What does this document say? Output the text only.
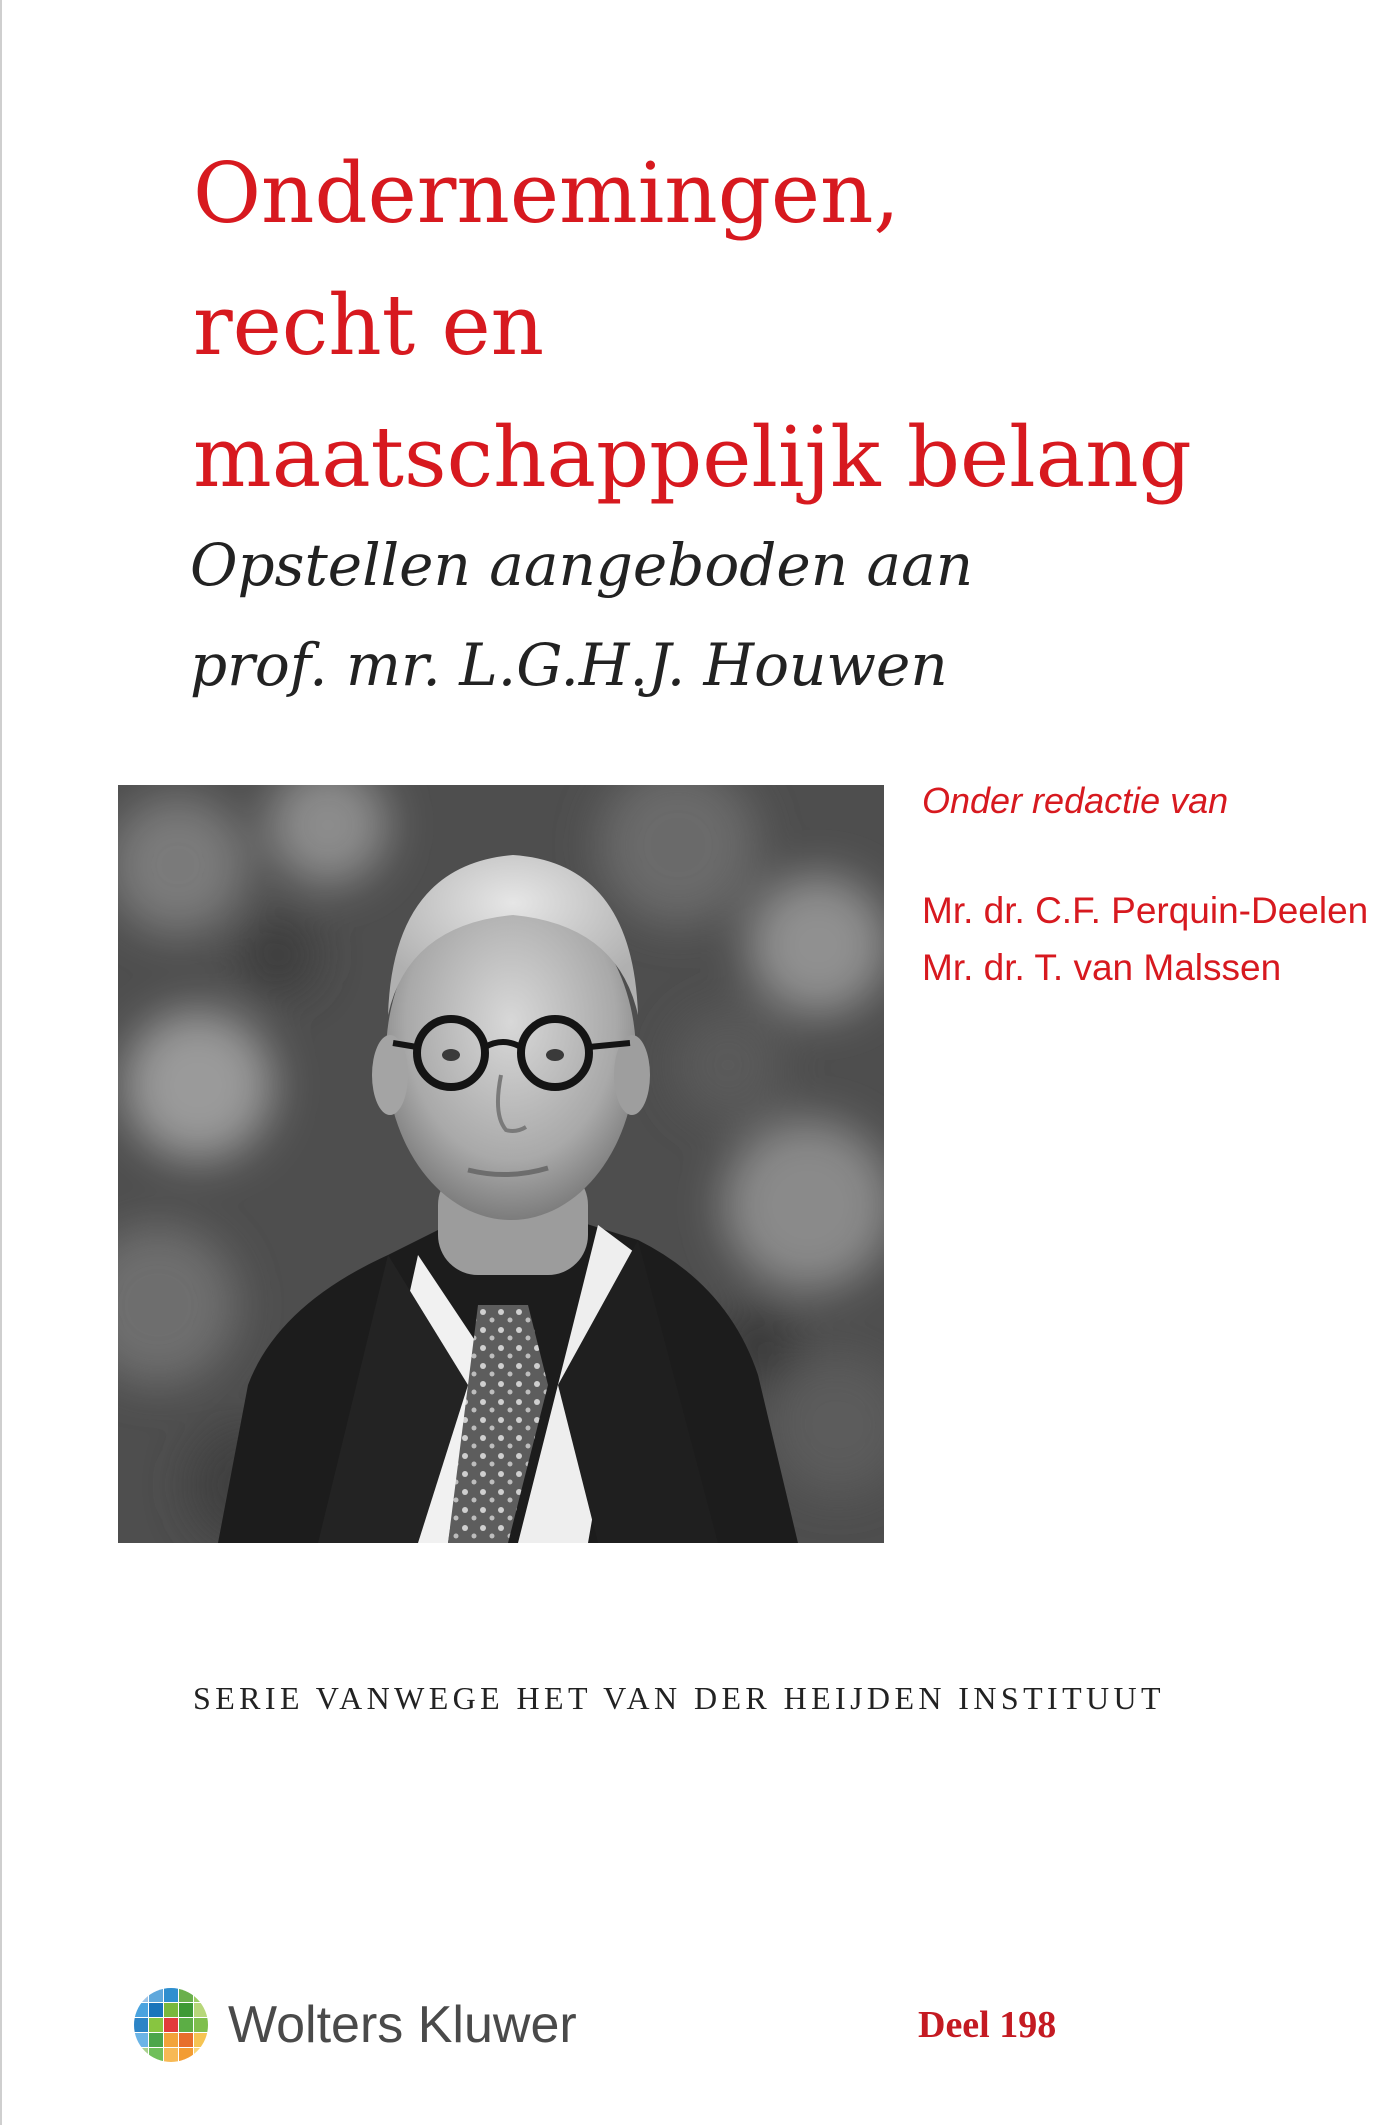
Ondernemingen,
recht en
maatschappelijk belang
Opstellen aangeboden aan
prof. mr. L.G.H.J. Houwen
Onder redactie van
Mr. dr. C.F. Perquin-Deelen
Mr. dr. T. van Malssen
SERIE VANWEGE HET VAN DER HEIJDEN INSTITUUT
Wolters Kluwer	Deel 198
